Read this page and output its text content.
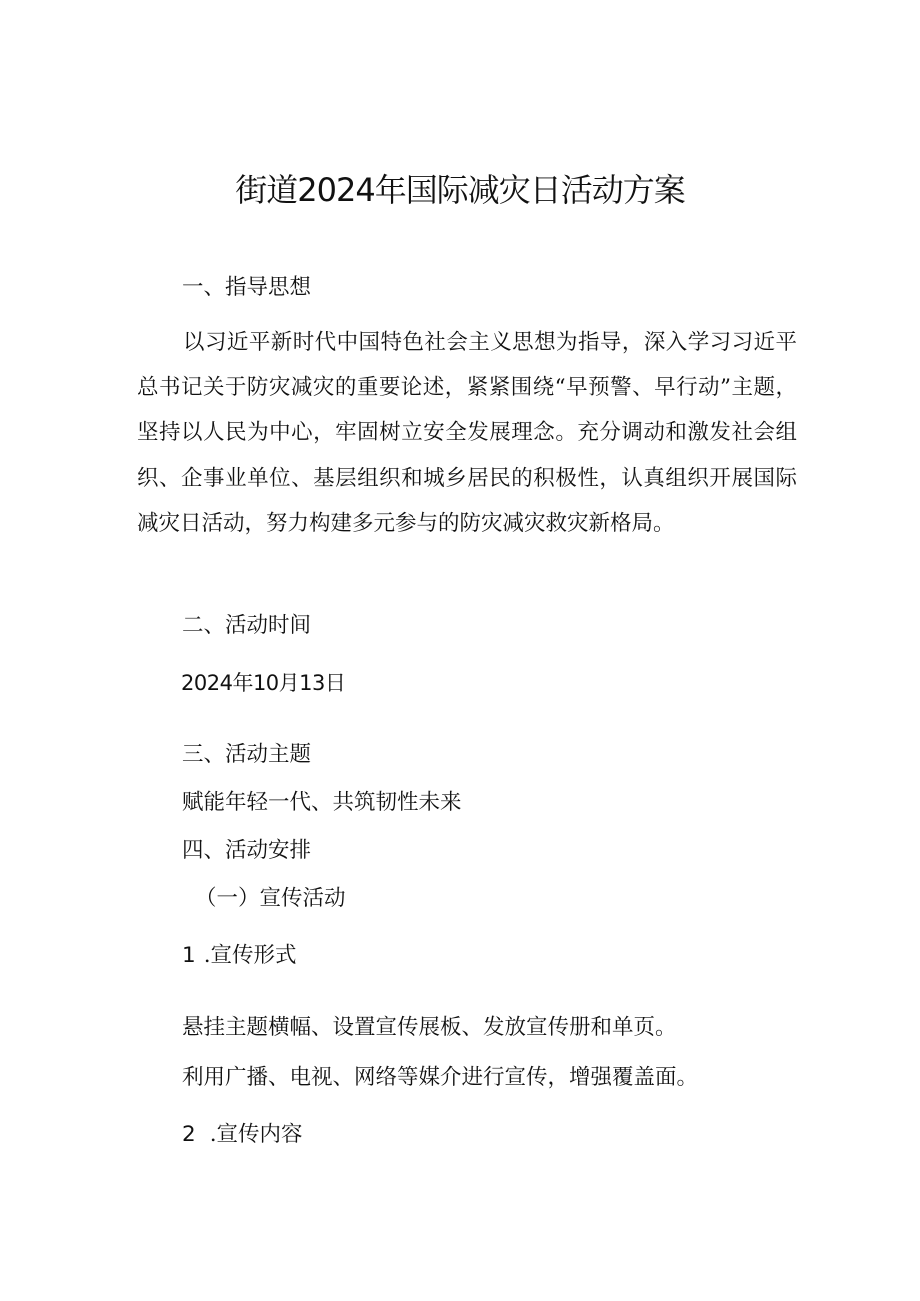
街道2024年国际减灾日活动方案
一、指导思想
以习近平新时代中国特色社会主义思想为指导，深入学习习近平总书记关于防灾减灾的重要论述，紧紧围绕“早预警、早行动”主题，坚持以人民为中心，牢固树立安全发展理念。充分调动和激发社会组织、企事业单位、基层组织和城乡居民的积极性，认真组织开展国际减灾日活动，努力构建多元参与的防灾减灾救灾新格局。
二、活动时间
2024年10月13日
三、活动主题
赋能年轻一代、共筑韧性未来
四、活动安排
（一）宣传活动
1 .宣传形式
悬挂主题横幅、设置宣传展板、发放宣传册和单页。
利用广播、电视、网络等媒介进行宣传，增强覆盖面。
2 .宣传内容
